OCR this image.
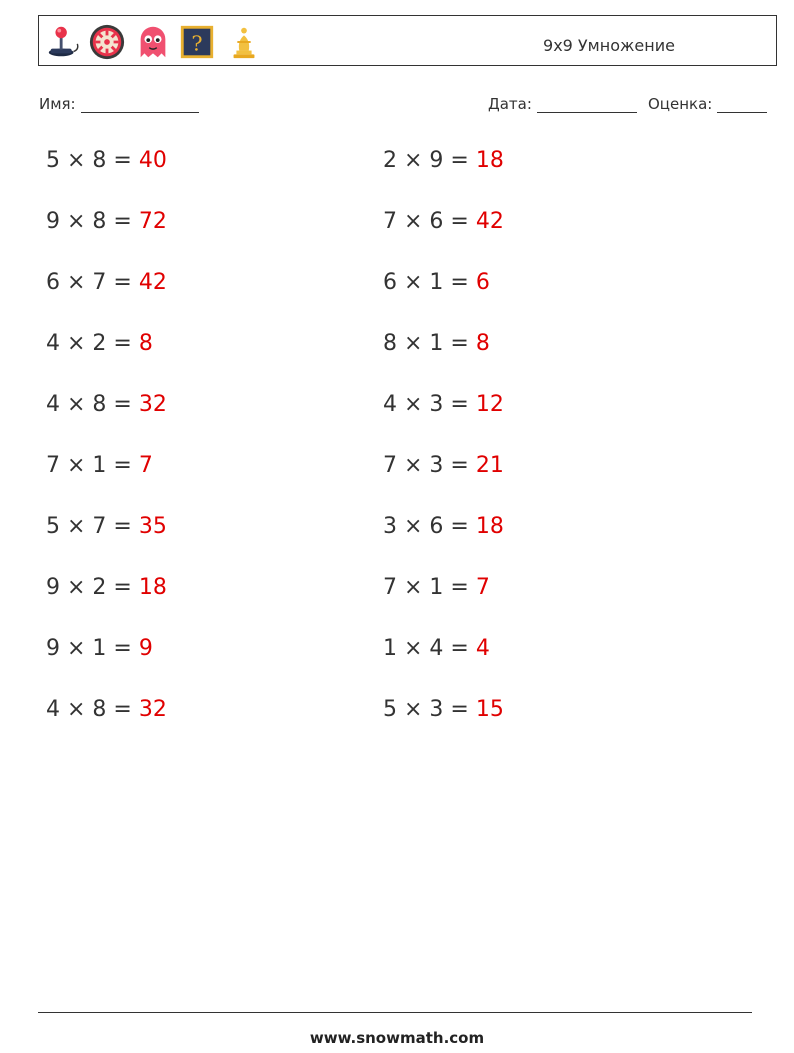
?	9x9 Умножение
Имя:	Дата:	Оценка:
5 × 8 = 40
9 × 8 = 72
6 × 7 = 42
4 × 2 = 8
4 × 8 = 32
7 × 1 = 7
5 × 7 = 35
9 × 2 = 18
9 × 1 = 9
4 × 8 = 32
2 × 9 = 18
7 × 6 = 42
6 × 1 = 6
8 × 1 = 8
4 × 3 = 12
7 × 3 = 21
3 × 6 = 18
7 × 1 = 7
1 × 4 = 4
5 × 3 = 15
www.snowmath.com
